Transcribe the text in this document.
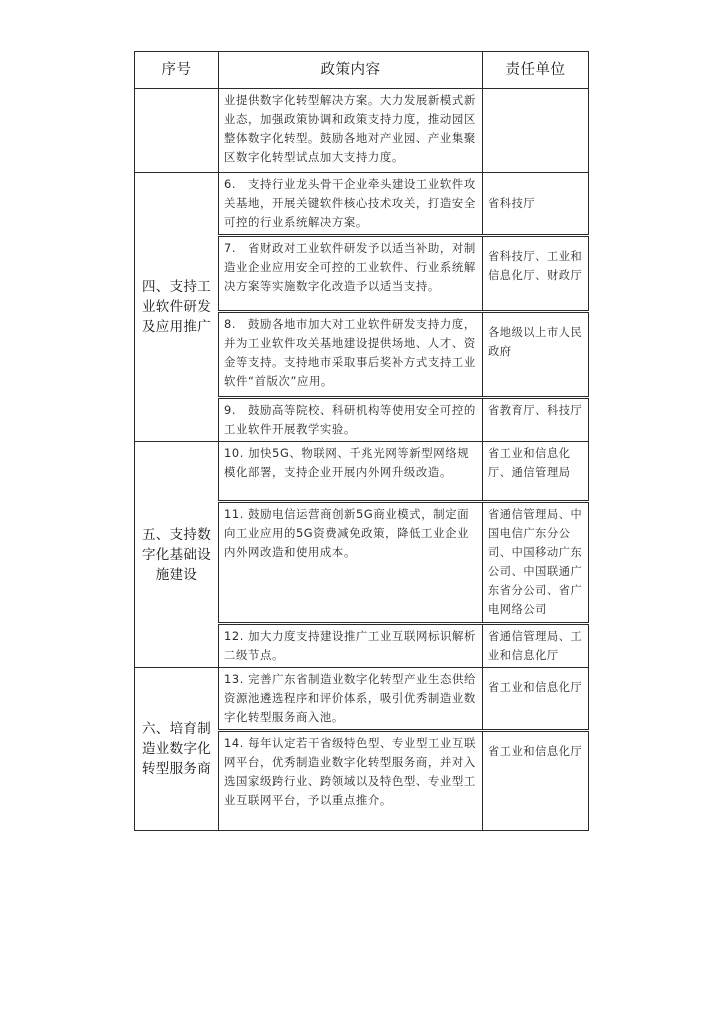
序号	政策内容	责任单位
	业提供数字化转型解决方案。大力发展新模式新业态，加强政策协调和政策支持力度，推动园区整体数字化转型。鼓励各地对产业园、产业集聚区数字化转型试点加大支持力度。	
四、支持工业软件研发及应用推广	6.　支持行业龙头骨干企业牵头建设工业软件攻关基地，开展关键软件核心技术攻关，打造安全可控的行业系统解决方案。	省科技厅
	7.　省财政对工业软件研发予以适当补助，对制造业企业应用安全可控的工业软件、行业系统解决方案等实施数字化改造予以适当支持。	省科技厅、工业和信息化厅、财政厅
	8.　鼓励各地市加大对工业软件研发支持力度，并为工业软件攻关基地建设提供场地、人才、资金等支持。支持地市采取事后奖补方式支持工业软件“首版次”应用。	各地级以上市人民政府
	9.　鼓励高等院校、科研机构等使用安全可控的工业软件开展教学实验。	省教育厅、科技厅
五、支持数字化基础设施建设	10. 加快5G、物联网、千兆光网等新型网络规模化部署，支持企业开展内外网升级改造。	省工业和信息化厅、通信管理局
	11. 鼓励电信运营商创新5G商业模式，制定面向工业应用的5G资费减免政策，降低工业企业内外网改造和使用成本。	省通信管理局、中国电信广东分公司、中国移动广东公司、中国联通广东省分公司、省广电网络公司
	12. 加大力度支持建设推广工业互联网标识解析二级节点。	省通信管理局、工业和信息化厅
六、培育制造业数字化转型服务商	13. 完善广东省制造业数字化转型产业生态供给资源池遴选程序和评价体系，吸引优秀制造业数字化转型服务商入池。	省工业和信息化厅
	14. 每年认定若干省级特色型、专业型工业互联网平台，优秀制造业数字化转型服务商，并对入选国家级跨行业、跨领域以及特色型、专业型工业互联网平台，予以重点推介。	省工业和信息化厅
